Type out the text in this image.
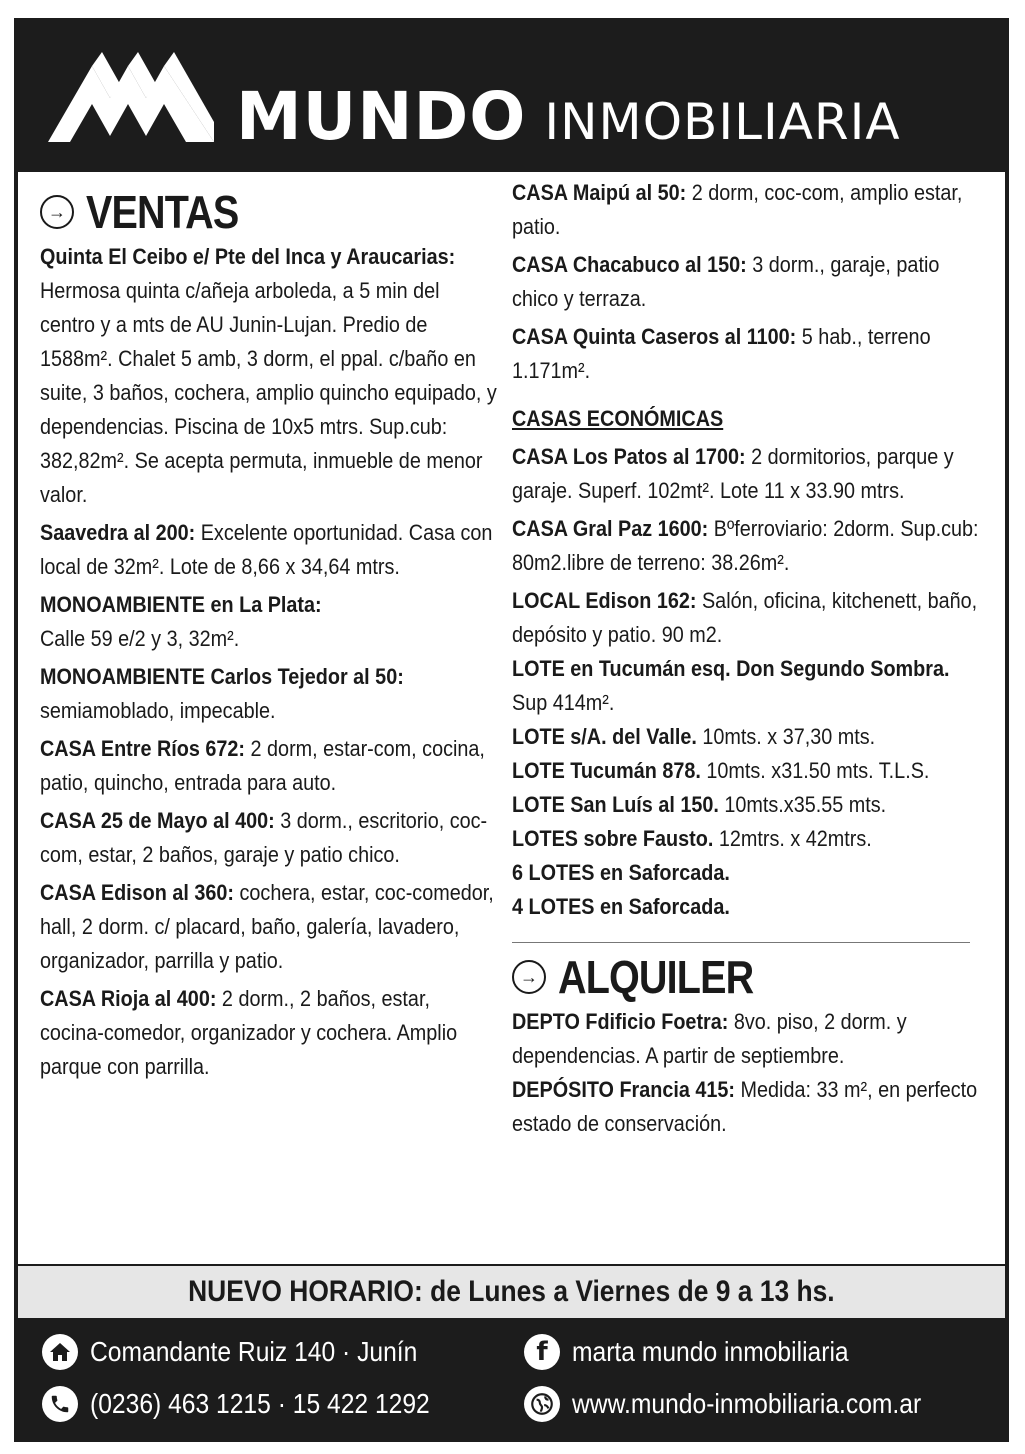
MUNDO INMOBILIARIA
→ VENTAS
Quinta El Ceibo e/ Pte del Inca y Araucarias: Hermosa quinta c/añeja arboleda, a 5 min del centro y a mts de AU Junin-Lujan. Predio de 1588m². Chalet 5 amb, 3 dorm, el ppal. c/baño en suite, 3 baños, cochera, amplio quincho equipado, y dependencias. Piscina de 10x5 mtrs. Sup.cub: 382,82m². Se acepta permuta, inmueble de menor valor.
Saavedra al 200: Excelente oportunidad. Casa con local de 32m². Lote de 8,66 x 34,64 mtrs.
MONOAMBIENTE en La Plata:
Calle 59 e/2 y 3, 32m².
MONOAMBIENTE Carlos Tejedor al 50: semiamoblado, impecable.
CASA Entre Ríos 672: 2 dorm, estar-com, cocina, patio, quincho, entrada para auto.
CASA 25 de Mayo al 400: 3 dorm., escritorio, coc-com, estar, 2 baños, garaje y patio chico.
CASA Edison al 360: cochera, estar, coc-comedor, hall, 2 dorm. c/ placard, baño, galería, lavadero, organizador, parrilla y patio.
CASA Rioja al 400: 2 dorm., 2 baños, estar, cocina-comedor, organizador y cochera. Amplio parque con parrilla.
CASA Maipú al 50: 2 dorm, coc-com, amplio estar, patio.
CASA Chacabuco al 150: 3 dorm., garaje, patio chico y terraza.
CASA Quinta Caseros al 1100: 5 hab., terreno 1.171m².
CASAS ECONÓMICAS
CASA Los Patos al 1700: 2 dormitorios, parque y garaje. Superf. 102mt². Lote 11 x 33.90 mtrs.
CASA Gral Paz 1600: Bºferroviario: 2dorm. Sup.cub: 80m2.libre de terreno: 38.26m².
LOCAL Edison 162: Salón, oficina, kitchenett, baño, depósito y patio. 90 m2.
LOTE en Tucumán esq. Don Segundo Sombra. Sup 414m².
LOTE s/A. del Valle. 10mts. x 37,30 mts.
LOTE Tucumán 878. 10mts. x31.50 mts. T.L.S.
LOTE San Luís al 150. 10mts.x35.55 mts.
LOTES sobre Fausto. 12mtrs. x 42mtrs.
6 LOTES en Saforcada.
4 LOTES en Saforcada.
→ ALQUILER
DEPTO Fdificio Foetra: 8vo. piso, 2 dorm. y dependencias. A partir de septiembre.
DEPÓSITO Francia 415: Medida: 33 m², en perfecto estado de conservación.
NUEVO HORARIO: de Lunes a Viernes de 9 a 13 hs.
Comandante Ruiz 140 · Junín
(0236) 463 1215 · 15 422 1292
f marta mundo inmobiliaria
www.mundo-inmobiliaria.com.ar
